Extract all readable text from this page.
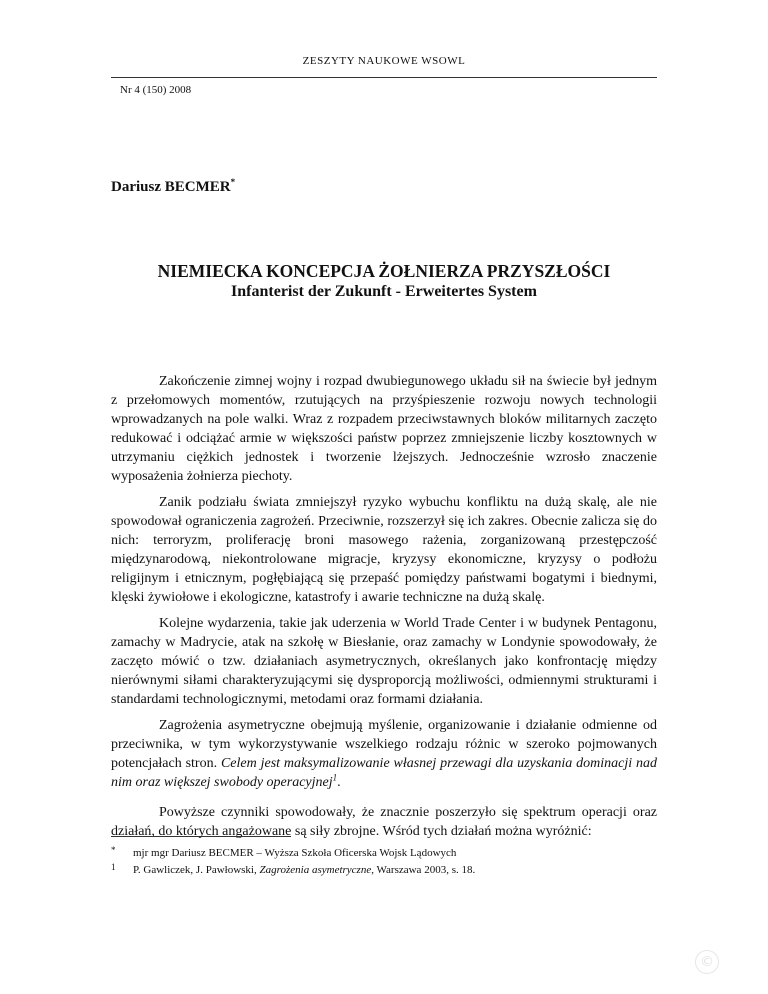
ZESZYTY NAUKOWE WSOWL
Nr 4 (150) 2008
Dariusz BECMER*
NIEMIECKA KONCEPCJA ŻOŁNIERZA PRZYSZŁOŚCI
Infanterist der Zukunft - Erweitertes System

Zakończenie zimnej wojny i rozpad dwubiegunowego układu sił na świecie był jednym z przełomowych momentów, rzutujących na przyśpieszenie rozwoju nowych technologii wprowadzanych na pole walki. Wraz z rozpadem przeciwstawnych bloków militarnych zaczęto redukować i odciążać armie w większości państw poprzez zmniejszenie liczby kosztownych w utrzymaniu ciężkich jednostek i tworzenie lżejszych. Jednocześnie wzrosło znaczenie wyposażenia żołnierza piechoty.

Zanik podziału świata zmniejszył ryzyko wybuchu konfliktu na dużą skalę, ale nie spowodował ograniczenia zagrożeń. Przeciwnie, rozszerzył się ich zakres. Obecnie zalicza się do nich: terroryzm, proliferację broni masowego rażenia, zorganizowaną przestępczość międzynarodową, niekontrolowane migracje, kryzysy ekonomiczne, kryzysy o podłożu religijnym i etnicznym, pogłębiającą się przepaść pomiędzy państwami bogatymi i biednymi, klęski żywiołowe i ekologiczne, katastrofy i awarie techniczne na dużą skalę.

Kolejne wydarzenia, takie jak uderzenia w World Trade Center i w budynek Pentagonu, zamachy w Madrycie, atak na szkołę w Biesłanie, oraz zamachy w Londynie spowodowały, że zaczęto mówić o tzw. działaniach asymetrycznych, określanych jako konfrontację między nierównymi siłami charakteryzującymi się dysproporcją możliwości, odmiennymi strukturami i standardami technologicznymi, metodami oraz formami działania.

Zagrożenia asymetryczne obejmują myślenie, organizowanie i działanie odmienne od przeciwnika, w tym wykorzystywanie wszelkiego rodzaju różnic w szeroko pojmowanych potencjałach stron. Celem jest maksymalizowanie własnej przewagi dla uzyskania dominacji nad nim oraz większej swobody operacyjnej$^1$.

Powyższe czynniki spowodowały, że znacznie poszerzyło się spektrum operacji oraz działań, do których angażowane są siły zbrojne. Wśród tych działań można wyróżnić:

* mjr mgr Dariusz BECMER – Wyższa Szkoła Oficerska Wojsk Lądowych
1 P. Gawliczek, J. Pawłowski, Zagrożenia asymetryczne, Warszawa 2003, s. 18.
©
